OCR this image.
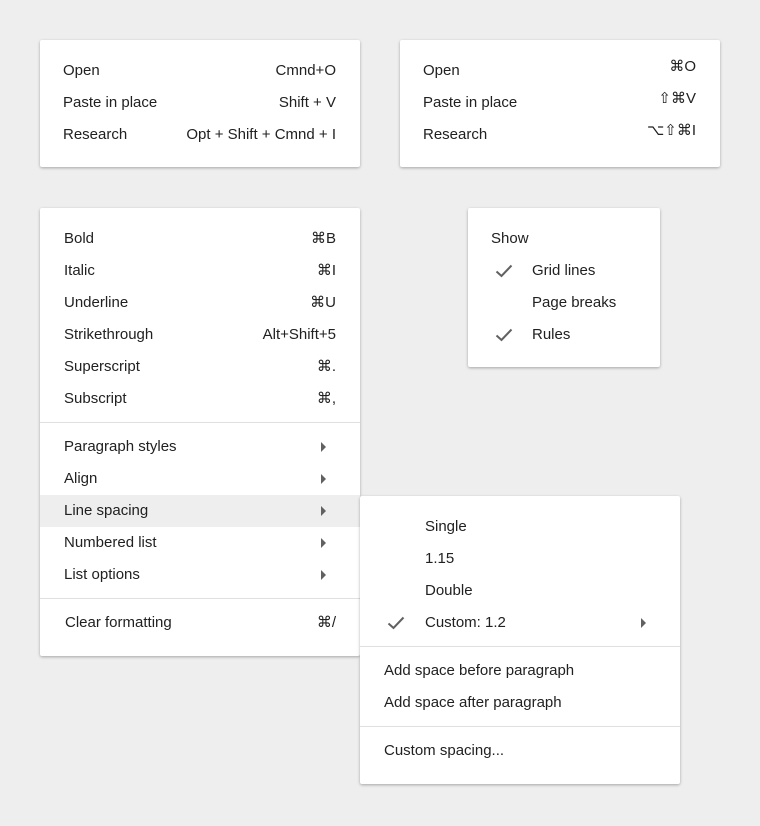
Open	Cmnd+O
Paste in place	Shift + V
Research	Opt + Shift + Cmnd + I
Open	⌘O
Paste in place	⇧⌘V
Research	⌥⇧⌘I
Bold	⌘B
Italic	⌘I
Underline	⌘U
Strikethrough	Alt+Shift+5
Superscript	⌘.
Subscript	⌘,
Paragraph styles
Align
Line spacing
Numbered list
List options
Clear formatting	⌘/
Show
Grid lines
Page breaks
Rules
Single
1.15
Double
Custom: 1.2
Add space before paragraph
Add space after paragraph
Custom spacing...
